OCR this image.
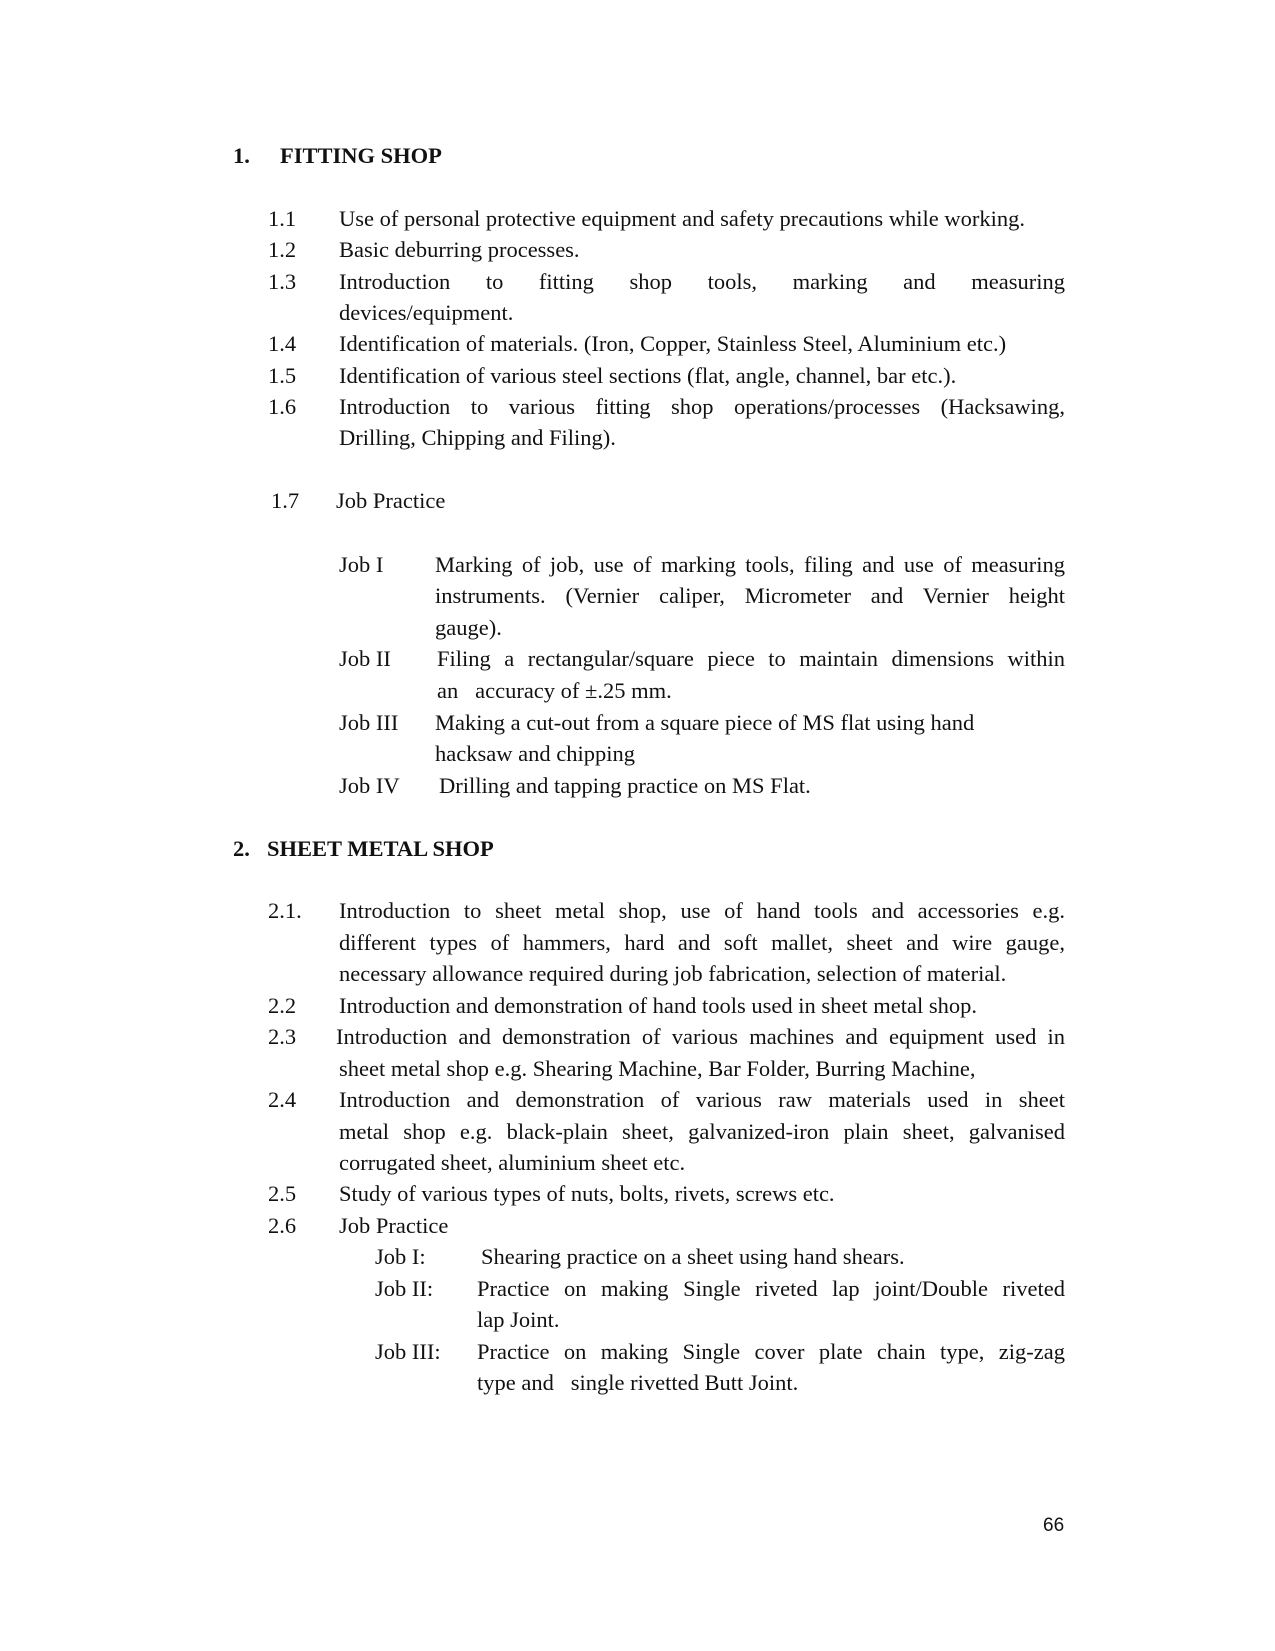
1. FITTING SHOP
1.1 Use of personal protective equipment and safety precautions while working.
1.2 Basic deburring processes.
1.3 Introduction to fitting shop tools, marking and measuring
devices/equipment.
1.4 Identification of materials. (Iron, Copper, Stainless Steel, Aluminium etc.)
1.5 Identification of various steel sections (flat, angle, channel, bar etc.).
1.6 Introduction to various fitting shop operations/processes (Hacksawing,
Drilling, Chipping and Filing).
1.7 Job Practice
Job I Marking of job, use of marking tools, filing and use of measuring
instruments. (Vernier caliper, Micrometer and Vernier height
gauge).
Job II Filing a rectangular/square piece to maintain dimensions within
an   accuracy of ±.25 mm.
Job III Making a cut-out from a square piece of MS flat using hand
hacksaw and chipping
Job IV Drilling and tapping practice on MS Flat.
2. SHEET METAL SHOP
2.1. Introduction to sheet metal shop, use of hand tools and accessories e.g.
different types of hammers, hard and soft mallet, sheet and wire gauge,
necessary allowance required during job fabrication, selection of material.
2.2 Introduction and demonstration of hand tools used in sheet metal shop.
2.3 Introduction and demonstration of various machines and equipment used in
sheet metal shop e.g. Shearing Machine, Bar Folder, Burring Machine,
2.4 Introduction and demonstration of various raw materials used in sheet
metal shop e.g. black-plain sheet, galvanized-iron plain sheet, galvanised
corrugated sheet, aluminium sheet etc.
2.5 Study of various types of nuts, bolts, rivets, screws etc.
2.6 Job Practice
Job I: Shearing practice on a sheet using hand shears.
Job II: Practice on making Single riveted lap joint/Double riveted
lap Joint.
Job III: Practice on making Single cover plate chain type, zig-zag
type and   single rivetted Butt Joint.
66
